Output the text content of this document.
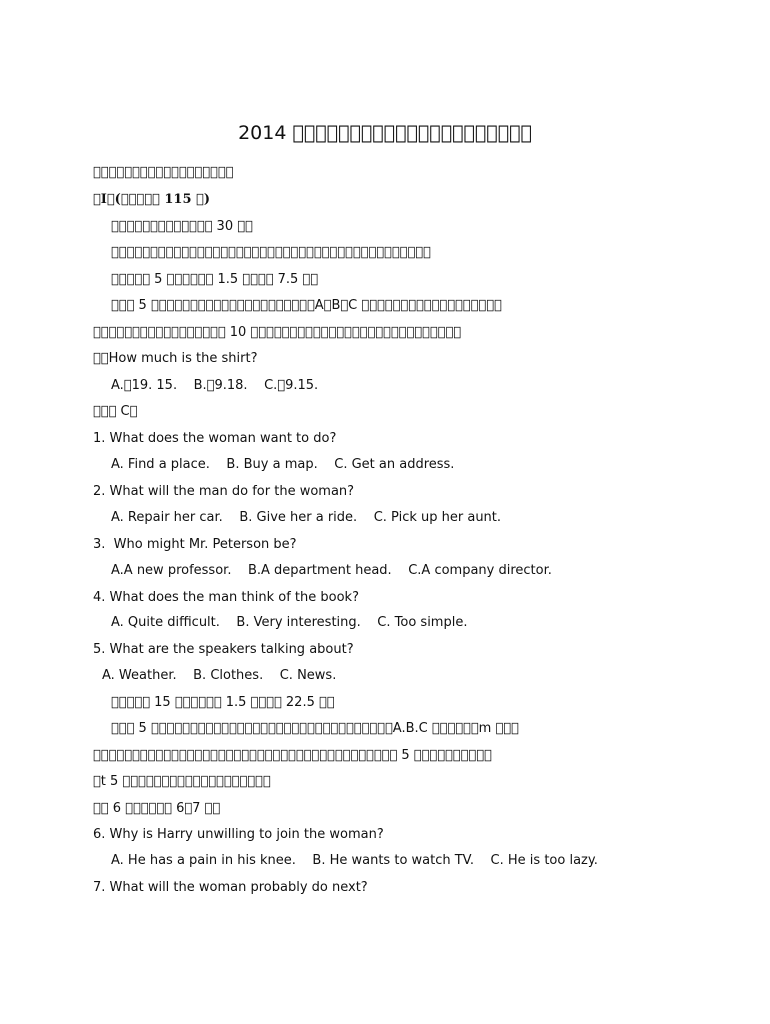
2014 􀀀􀀀􀀀􀀀􀀀􀀀􀀀􀀀􀀀􀀀􀀀􀀀􀀀􀀀􀀀􀀀􀀀􀀀􀀀􀀀􀀀
􀀀􀀀􀀀􀀀􀀀􀀀􀀀􀀀􀀀􀀀􀀀􀀀􀀀􀀀􀀀􀀀􀀀􀀀
􀀀I􀀀(􀀀􀀀􀀀􀀀􀀀 115 􀀀)
􀀀􀀀􀀀􀀀􀀀􀀀􀀀􀀀􀀀􀀀􀀀􀀀􀀀 30 􀀀􀀀
􀀀􀀀􀀀􀀀􀀀􀀀􀀀􀀀􀀀􀀀􀀀􀀀􀀀􀀀􀀀􀀀􀀀􀀀􀀀􀀀􀀀􀀀􀀀􀀀􀀀􀀀􀀀􀀀􀀀􀀀􀀀􀀀􀀀􀀀􀀀􀀀􀀀􀀀􀀀􀀀􀀀
􀀀􀀀􀀀􀀀􀀀 5 􀀀􀀀􀀀􀀀􀀀􀀀 1.5 􀀀􀀀􀀀􀀀 7.5 􀀀􀀀
􀀀􀀀􀀀 5 􀀀􀀀􀀀􀀀􀀀􀀀􀀀􀀀􀀀􀀀􀀀􀀀􀀀􀀀􀀀􀀀􀀀􀀀􀀀􀀀􀀀A􀀀B􀀀C 􀀀􀀀􀀀􀀀􀀀􀀀􀀀􀀀􀀀􀀀􀀀􀀀􀀀􀀀􀀀􀀀􀀀􀀀
􀀀􀀀􀀀􀀀􀀀􀀀􀀀􀀀􀀀􀀀􀀀􀀀􀀀􀀀􀀀􀀀􀀀 10 􀀀􀀀􀀀􀀀􀀀􀀀􀀀􀀀􀀀􀀀􀀀􀀀􀀀􀀀􀀀􀀀􀀀􀀀􀀀􀀀􀀀􀀀􀀀􀀀􀀀􀀀􀀀
􀀀􀀀How much is the shirt?
A.􀀀19. 15.    B.􀀀9.18.    C.􀀀9.15.
􀀀􀀀􀀀 C􀀀
1. What does the woman want to do?
A. Find a place.    B. Buy a map.    C. Get an address.
2. What will the man do for the woman?
A. Repair her car.    B. Give her a ride.    C. Pick up her aunt.
3.  Who might Mr. Peterson be?
A.A new professor.    B.A department head.    C.A company director.
4. What does the man think of the book?
A. Quite difficult.    B. Very interesting.    C. Too simple.
5. What are the speakers talking about?
A. Weather.    B. Clothes.    C. News.
􀀀􀀀􀀀􀀀􀀀 15 􀀀􀀀􀀀􀀀􀀀􀀀 1.5 􀀀􀀀􀀀􀀀 22.5 􀀀􀀀
􀀀􀀀􀀀 5 􀀀􀀀􀀀􀀀􀀀􀀀􀀀􀀀􀀀􀀀􀀀􀀀􀀀􀀀􀀀􀀀􀀀􀀀􀀀􀀀􀀀􀀀􀀀􀀀􀀀􀀀􀀀􀀀􀀀􀀀􀀀A.B.C 􀀀􀀀􀀀􀀀􀀀􀀀m 􀀀􀀀􀀀
􀀀􀀀􀀀􀀀􀀀􀀀􀀀􀀀􀀀􀀀􀀀􀀀􀀀􀀀􀀀􀀀􀀀􀀀􀀀􀀀􀀀􀀀􀀀􀀀􀀀􀀀􀀀􀀀􀀀􀀀􀀀􀀀􀀀􀀀􀀀􀀀􀀀􀀀􀀀 5 􀀀􀀀􀀀􀀀􀀀􀀀􀀀􀀀􀀀􀀀
􀀀t 5 􀀀􀀀􀀀􀀀􀀀􀀀􀀀􀀀􀀀􀀀􀀀􀀀􀀀􀀀􀀀􀀀􀀀􀀀􀀀
􀀀􀀀 6 􀀀􀀀􀀀􀀀􀀀􀀀 6􀀀7 􀀀􀀀
6. Why is Harry unwilling to join the woman?
A. He has a pain in his knee.    B. He wants to watch TV.    C. He is too lazy.
7. What will the woman probably do next?
